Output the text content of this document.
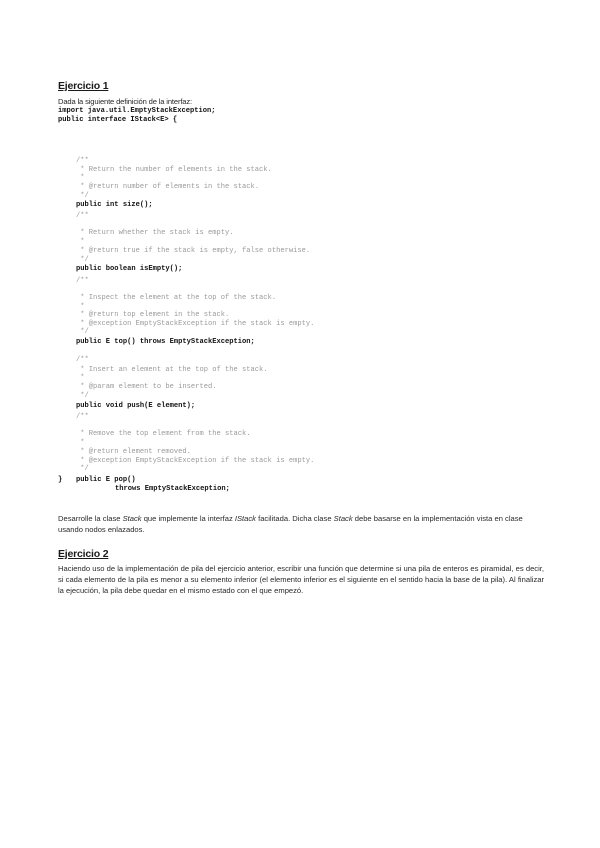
Ejercicio 1
Dada la siguiente definición de la interfaz:
import java.util.EmptyStackException;
public interface IStack<E> {
/**
* Return the number of elements in the stack.
*
* @return number of elements in the stack.
*/
public int size();
/**
* Return whether the stack is empty.
*
* @return true if the stack is empty, false otherwise.
*/
public boolean isEmpty();
/**
* Inspect the element at the top of the stack.
*
* @return top element in the stack.
* @exception EmptyStackException if the stack is empty.
*/
public E top() throws EmptyStackException;
/**
* Insert an element at the top of the stack.
*
* @param element to be inserted.
*/
public void push(E element);
/**
* Remove the top element from the stack.
*
* @return element removed.
* @exception EmptyStackException if the stack is empty.
*/
} public E pop()
throws EmptyStackException;
Desarrolle la clase Stack que implemente la interfaz IStack facilitada. Dicha clase Stack debe basarse en la implementación vista en clase usando nodos enlazados.
Ejercicio 2
Haciendo uso de la implementación de pila del ejercicio anterior, escribir una función que determine si una pila de enteros es piramidal, es decir, si cada elemento de la pila es menor a su elemento inferior (el elemento inferior es el siguiente en el sentido hacia la base de la pila). Al finalizar la ejecución, la pila debe quedar en el mismo estado con el que empezó.
